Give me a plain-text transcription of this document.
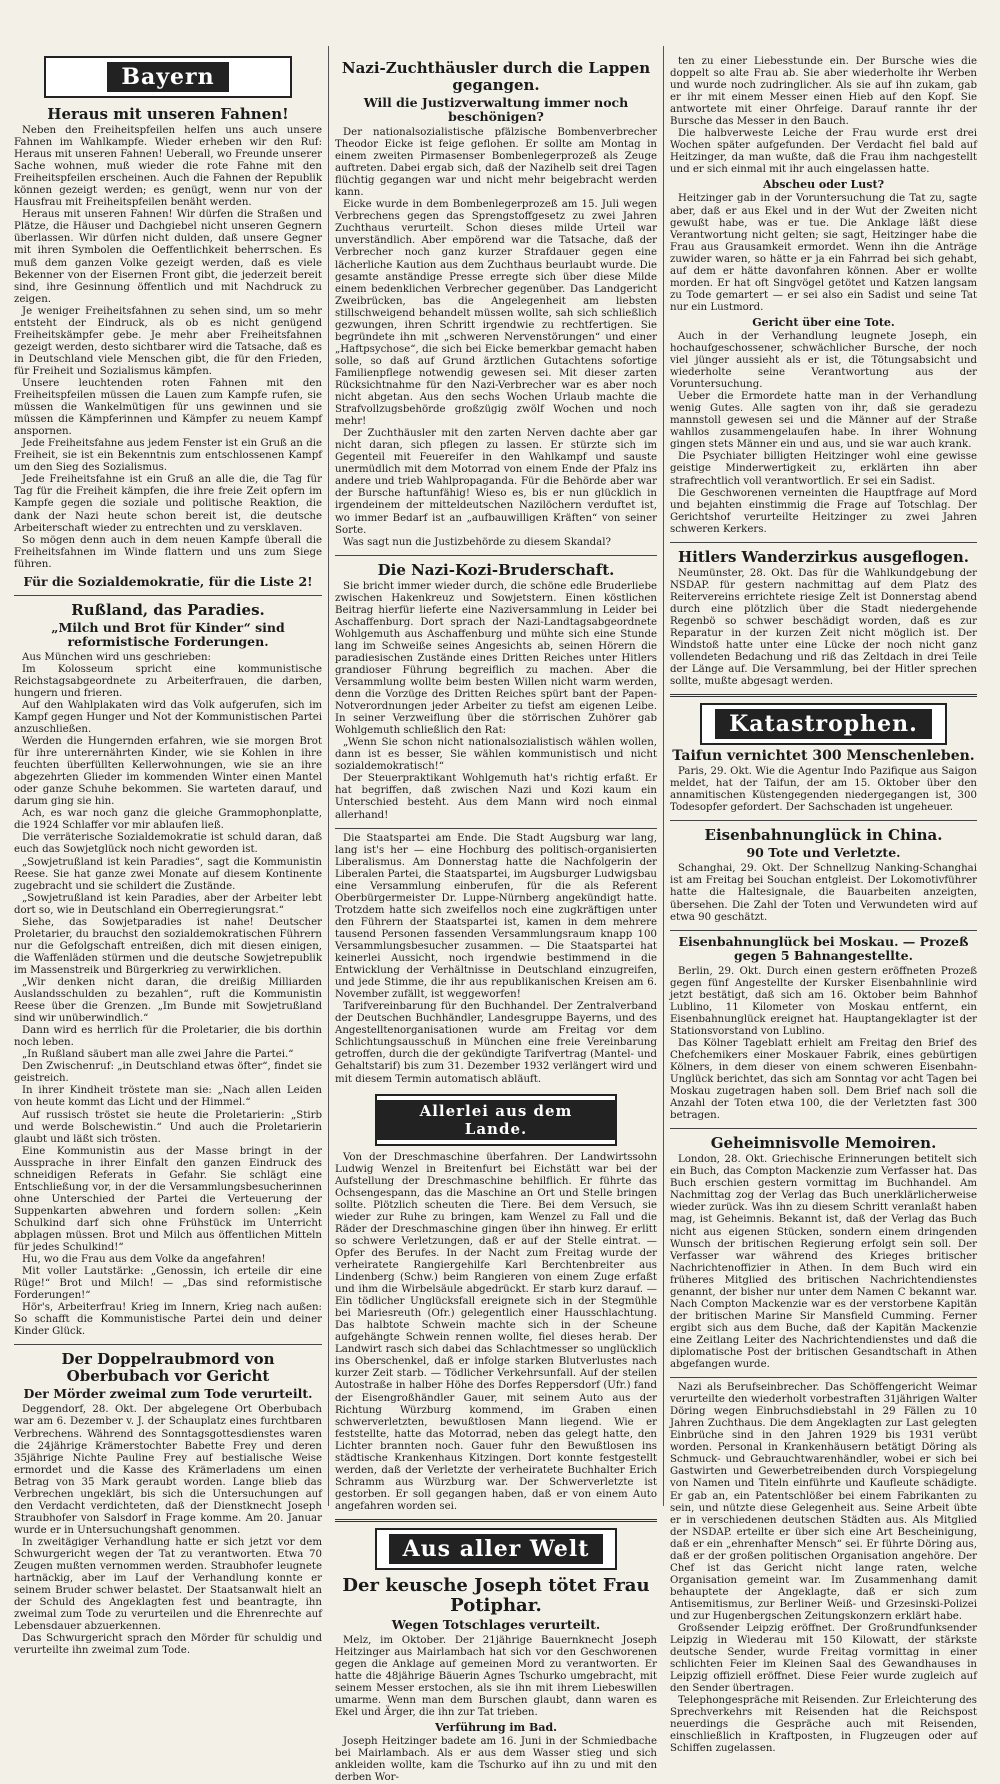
Bayern
Heraus mit unseren Fahnen!

Neben den Freiheitspfeilen helfen uns auch unsere Fahnen im Wahlkampfe. Wieder erheben wir den Ruf: Heraus mit unseren Fahnen! Ueberall, wo Freunde unserer Sache wohnen, muß wieder die rote Fahne mit den Freiheitspfeilen erscheinen. Auch die Fahnen der Republik können gezeigt werden; es genügt, wenn nur von der Hausfrau mit Freiheitspfeilen benäht werden.

Heraus mit unseren Fahnen! Wir dürfen die Straßen und Plätze, die Häuser und Dachgiebel nicht unseren Gegnern überlassen. Wir dürfen nicht dulden, daß unsere Gegner mit ihren Symbolen die Oeffentlichkeit beherrschen. Es muß dem ganzen Volke gezeigt werden, daß es viele Bekenner von der Eisernen Front gibt, die jederzeit bereit sind, ihre Gesinnung öffentlich und mit Nachdruck zu zeigen.

Je weniger Freiheitsfahnen zu sehen sind, um so mehr entsteht der Eindruck, als ob es nicht genügend Freiheitskämpfer gebe. Je mehr aber Freiheitsfahnen gezeigt werden, desto sichtbarer wird die Tatsache, daß es in Deutschland viele Menschen gibt, die für den Frieden, für Freiheit und Sozialismus kämpfen.

Unsere leuchtenden roten Fahnen mit den Freiheitspfeilen müssen die Lauen zum Kampfe rufen, sie müssen die Wankelmütigen für uns gewinnen und sie müssen die Kämpferinnen und Kämpfer zu neuem Kampf anspornen.

Jede Freiheitsfahne aus jedem Fenster ist ein Gruß an die Freiheit, sie ist ein Bekenntnis zum entschlossenen Kampf um den Sieg des Sozialismus.

Jede Freiheitsfahne ist ein Gruß an alle die, die Tag für Tag für die Freiheit kämpfen, die ihre freie Zeit opfern im Kampfe gegen die soziale und politische Reaktion, die dank der Nazi heute schon bereit ist, die deutsche Arbeiterschaft wieder zu entrechten und zu versklaven.

So mögen denn auch in dem neuen Kampfe überall die Freiheitsfahnen im Winde flattern und uns zum Siege führen.

Für die Sozialdemokratie, für die Liste 2!
Rußland, das Paradies.
„Milch und Brot für Kinder“ sind reformistische Forderungen.

Aus München wird uns geschrieben:

Im Kolosseum spricht eine kommunistische Reichstagsabgeordnete zu Arbeiterfrauen, die darben, hungern und frieren.

Auf den Wahlplakaten wird das Volk aufgerufen, sich im Kampf gegen Hunger und Not der Kommunistischen Partei anzuschließen.

Werden die Hungernden erfahren, wie sie morgen Brot für ihre unterernährten Kinder, wie sie Kohlen in ihre feuchten überfüllten Kellerwohnungen, wie sie an ihre abgezehrten Glieder im kommenden Winter einen Mantel oder ganze Schuhe bekommen. Sie warteten darauf, und darum ging sie hin.

Ach, es war noch ganz die gleiche Grammophonplatte, die 1924 Schlaffer vor mir ablaufen ließ.

Die verräterische Sozialdemokratie ist schuld daran, daß euch das Sowjetglück noch nicht geworden ist.

„Sowjetrußland ist kein Paradies“, sagt die Kommunistin Reese. Sie hat ganze zwei Monate auf diesem Kontinente zugebracht und sie schildert die Zustände.

„Sowjetrußland ist kein Paradies, aber der Arbeiter lebt dort so, wie in Deutschland ein Oberregierungsrat.“

Siehe, das Sowjetparadies ist nahe! Deutscher Proletarier, du brauchst den sozialdemokratischen Führern nur die Gefolgschaft entreißen, dich mit diesen einigen, die Waffenläden stürmen und die deutsche Sowjetrepublik im Massenstreik und Bürgerkrieg zu verwirklichen.

„Wir denken nicht daran, die dreißig Milliarden Auslandsschulden zu bezahlen“, ruft die Kommunistin Reese über die Grenzen. „Im Bunde mit Sowjetrußland sind wir unüberwindlich.“

Dann wird es herrlich für die Proletarier, die bis dorthin noch leben.

„In Rußland säubert man alle zwei Jahre die Partei.“

Den Zwischenruf: „in Deutschland etwas öfter“, findet sie geistreich.

In ihrer Kindheit tröstete man sie: „Nach allen Leiden von heute kommt das Licht und der Himmel.“

Auf russisch tröstet sie heute die Proletarierin: „Stirb und werde Bolschewistin.“ Und auch die Proletarierin glaubt und läßt sich trösten.

Eine Kommunistin aus der Masse bringt in der Aussprache in ihrer Einfalt den ganzen Eindruck des schneidigen Referats in Gefahr. Sie schlägt eine Entschließung vor, in der die Versammlungsbesucherinnen ohne Unterschied der Partei die Verteuerung der Suppenkarten abwehren und fordern sollen: „Kein Schulkind darf sich ohne Frühstück im Unterricht abplagen müssen. Brot und Milch aus öffentlichen Mitteln für jedes Schulkind!“

Hu, wo die Frau aus dem Volke da angefahren!

Mit voller Lautstärke: „Genossin, ich erteile dir eine Rüge!“ Brot und Milch! — „Das sind reformistische Forderungen!“

Hör's, Arbeiterfrau! Krieg im Innern, Krieg nach außen: So schafft die Kommunistische Partei dein und deiner Kinder Glück.

Der Doppelraubmord von Oberbubach vor Gericht
Der Mörder zweimal zum Tode verurteilt.

Deggendorf, 28. Okt. Der abgelegene Ort Oberbubach war am 6. Dezember v. J. der Schauplatz eines furchtbaren Verbrechens. Während des Sonntagsgottesdienstes waren die 24jährige Krämerstochter Babette Frey und deren 35jährige Nichte Pauline Frey auf bestialische Weise ermordet und die Kasse des Krämerladens um einen Betrag von 35 Mark geraubt worden. Lange blieb das Verbrechen ungeklärt, bis sich die Untersuchungen auf den Verdacht verdichteten, daß der Dienstknecht Joseph Straubhofer von Salsdorf in Frage komme. Am 20. Januar wurde er in Untersuchungshaft genommen.

In zweitägiger Verhandlung hatte er sich jetzt vor dem Schwurgericht wegen der Tat zu verantworten. Etwa 70 Zeugen mußten vernommen werden. Straubhofer leugnete hartnäckig, aber im Lauf der Verhandlung konnte er seinem Bruder schwer belastet. Der Staatsanwalt hielt an der Schuld des Angeklagten fest und beantragte, ihn zweimal zum Tode zu verurteilen und die Ehrenrechte auf Lebensdauer abzuerkennen.

Das Schwurgericht sprach den Mörder für schuldig und verurteilte ihn zweimal zum Tode.

Nazi-Zuchthäusler durch die Lappen gegangen.
Will die Justizverwaltung immer noch beschönigen?

Der nationalsozialistische pfälzische Bombenverbrecher Theodor Eicke ist feige geflohen. Er sollte am Montag in einem zweiten Pirmasenser Bombenlegerprozeß als Zeuge auftreten. Dabei ergab sich, daß der Nazihelb seit drei Tagen flüchtig gegangen war und nicht mehr beigebracht werden kann.

Eicke wurde in dem Bombenlegerprozeß am 15. Juli wegen Verbrechens gegen das Sprengstoffgesetz zu zwei Jahren Zuchthaus verurteilt. Schon dieses milde Urteil war unverständlich. Aber empörend war die Tatsache, daß der Verbrecher noch ganz kurzer Strafdauer gegen eine lächerliche Kaution aus dem Zuchthaus beurlaubt wurde. Die gesamte anständige Presse erregte sich über diese Milde einem bedenklichen Verbrecher gegenüber. Das Landgericht Zweibrücken, bas die Angelegenheit am liebsten stillschweigend behandelt müssen wollte, sah sich schließlich gezwungen, ihren Schritt irgendwie zu rechtfertigen. Sie begründete ihn mit „schweren Nervenstörungen“ und einer „Haftpsychose“, die sich bei Eicke bemerkbar gemacht haben solle, so daß auf Grund ärztlichen Gutachtens sofortige Familienpflege notwendig gewesen sei. Mit dieser zarten Rücksichtnahme für den Nazi-Verbrecher war es aber noch nicht abgetan. Aus den sechs Wochen Urlaub machte die Strafvollzugsbehörde großzügig zwölf Wochen und noch mehr!

Der Zuchthäusler mit den zarten Nerven dachte aber gar nicht daran, sich pflegen zu lassen. Er stürzte sich im Gegenteil mit Feuereifer in den Wahlkampf und sauste unermüdlich mit dem Motorrad von einem Ende der Pfalz ins andere und trieb Wahlpropaganda. Für die Behörde aber war der Bursche haftunfähig! Wieso es, bis er nun glücklich in irgendeinem der mitteldeutschen Nazilöchern verduftet ist, wo immer Bedarf ist an „aufbauwilligen Kräften“ von seiner Sorte.

Was sagt nun die Justizbehörde zu diesem Skandal?

Die Nazi-Kozi-Bruderschaft.

Sie bricht immer wieder durch, die schöne edle Bruderliebe zwischen Hakenkreuz und Sowjetstern. Einen köstlichen Beitrag hierfür lieferte eine Naziversammlung in Leider bei Aschaffenburg. Dort sprach der Nazi-Landtagsabgeordnete Wohlgemuth aus Aschaffenburg und mühte sich eine Stunde lang im Schweiße seines Angesichts ab, seinen Hörern die paradiesischen Zustände eines Dritten Reiches unter Hitlers grandioser Führung begreiflich zu machen. Aber die Versammlung wollte beim besten Willen nicht warm werden, denn die Vorzüge des Dritten Reiches spürt bant der Papen-Notverordnungen jeder Arbeiter zu tiefst am eigenen Leibe. In seiner Verzweiflung über die störrischen Zuhörer gab Wohlgemuth schließlich den Rat:

„Wenn Sie schon nicht nationalsozialistisch wählen wollen, dann ist es besser, Sie wählen kommunistisch und nicht sozialdemokratisch!“

Der Steuerpraktikant Wohlgemuth hat's richtig erfaßt. Er hat begriffen, daß zwischen Nazi und Kozi kaum ein Unterschied besteht. Aus dem Mann wird noch einmal allerhand!

Die Staatspartei am Ende. Die Stadt Augsburg war lang, lang ist's her — eine Hochburg des politisch-organisierten Liberalismus. Am Donnerstag hatte die Nachfolgerin der Liberalen Partei, die Staatspartei, im Augsburger Ludwigsbau eine Versammlung einberufen, für die als Referent Oberbürgermeister Dr. Luppe-Nürnberg angekündigt hatte. Trotzdem hatte sich zweifellos noch eine zugkräftigen unter den Führern der Staatspartei ist, kamen in dem mehrere tausend Personen fassenden Versammlungsraum knapp 100 Versammlungsbesucher zusammen. — Die Staatspartei hat keinerlei Aussicht, noch irgendwie bestimmend in die Entwicklung der Verhältnisse in Deutschland einzugreifen, und jede Stimme, die ihr aus republikanischen Kreisen am 6. November zufällt, ist weggeworfen!

Tarifvereinbarung für den Buchhandel. Der Zentralverband der Deutschen Buchhändler, Landesgruppe Bayerns, und des Angestelltenorganisationen wurde am Freitag vor dem Schlichtungsausschuß in München eine freie Vereinbarung getroffen, durch die der gekündigte Tarifvertrag (Mantel- und Gehaltstarif) bis zum 31. Dezember 1932 verlängert wird und mit diesem Termin automatisch abläuft.

Allerlei aus dem Lande.

Von der Dreschmaschine überfahren. Der Landwirtssohn Ludwig Wenzel in Breitenfurt bei Eichstätt war bei der Aufstellung der Dreschmaschine behilflich. Er führte das Ochsengespann, das die Maschine an Ort und Stelle bringen sollte. Plötzlich scheuten die Tiere. Bei dem Versuch, sie wieder zur Ruhe zu bringen, kam Wenzel zu Fall und die Räder der Dreschmaschine gingen über ihn hinweg. Er erlitt so schwere Verletzungen, daß er auf der Stelle eintrat. — Opfer des Berufes. In der Nacht zum Freitag wurde der verheiratete Rangiergehilfe Karl Berchtenbreiter aus Lindenberg (Schw.) beim Rangieren von einem Zuge erfaßt und ihm die Wirbelsäule abgedrückt. Er starb kurz darauf. — Ein tödlicher Unglücksfall ereignete sich in der Stegmühle bei Mariesreuth (Ofr.) gelegentlich einer Hausschlachtung. Das halbtote Schwein machte sich in der Scheune aufgehängte Schwein rennen wollte, fiel dieses herab. Der Landwirt rasch sich dabei das Schlachtmesser so unglücklich ins Oberschenkel, daß er infolge starken Blutverlustes nach kurzer Zeit starb. — Tödlicher Verkehrsunfall. Auf der steilen Autostraße in halber Höhe des Dorfes Reppersdorf (Ufr.) fand der Eisengroßhändler Gauer, mit seinem Auto aus der Richtung Würzburg kommend, im Graben einen schwerverletzten, bewußtlosen Mann liegend. Wie er feststellte, hatte das Motorrad, neben das gelegt hatte, den Lichter brannten noch. Gauer fuhr den Bewußtlosen ins städtische Krankenhaus Kitzingen. Dort konnte festgestellt werden, daß der Verletzte der verheiratete Buchhalter Erich Schramm aus Würzburg war. Der Schwerverletzte ist gestorben. Er soll gegangen haben, daß er von einem Auto angefahren worden sei.

Aus aller Welt
Der keusche Joseph tötet Frau Potiphar.
Wegen Totschlages verurteilt.

Melz, im Oktober. Der 21jährige Bauernknecht Joseph Heitzinger aus Mairlambach hat sich vor den Geschworenen gegen die Anklage auf gemeinen Mord zu verantworten. Er hatte die 48jährige Bäuerin Agnes Tschurko umgebracht, mit seinem Messer erstochen, als sie ihn mit ihrem Liebeswillen umarme. Wenn man dem Burschen glaubt, dann waren es Ekel und Ärger, die ihn zur Tat trieben.

Verführung im Bad.

Joseph Heitzinger badete am 16. Juni in der Schmiedbache bei Mairlambach. Als er aus dem Wasser stieg und sich ankleiden wollte, kam die Tschurko auf ihn zu und mit den derben Wor-

ten zu einer Liebesstunde ein. Der Bursche wies die doppelt so alte Frau ab. Sie aber wiederholte ihr Werben und wurde noch zudringlicher. Als sie auf ihn zukam, gab er ihr mit einem Messer einen Hieb auf den Kopf. Sie antwortete mit einer Ohrfeige. Darauf rannte ihr der Bursche das Messer in den Bauch.

Die halbverweste Leiche der Frau wurde erst drei Wochen später aufgefunden. Der Verdacht fiel bald auf Heitzinger, da man wußte, daß die Frau ihm nachgestellt und er sich einmal mit ihr auch eingelassen hatte.

Abscheu oder Lust?

Heitzinger gab in der Voruntersuchung die Tat zu, sagte aber, daß er aus Ekel und in der Wut der Zweiten nicht gewußt habe, was er tue. Die Anklage läßt diese Verantwortung nicht gelten; sie sagt, Heitzinger habe die Frau aus Grausamkeit ermordet. Wenn ihn die Anträge zuwider waren, so hätte er ja ein Fahrrad bei sich gehabt, auf dem er hätte davonfahren können. Aber er wollte morden. Er hat oft Singvögel getötet und Katzen langsam zu Tode gemartert — er sei also ein Sadist und seine Tat nur ein Lustmord.

Gericht über eine Tote.

Auch in der Verhandlung leugnete Joseph, ein hochaufgeschossener, schwächlicher Bursche, der noch viel jünger aussieht als er ist, die Tötungsabsicht und wiederholte seine Verantwortung aus der Voruntersuchung.

Ueber die Ermordete hatte man in der Verhandlung wenig Gutes. Alle sagten von ihr, daß sie geradezu mannstoll gewesen sei und die Männer auf der Straße wahllos zusammengelaufen habe. In ihrer Wohnung gingen stets Männer ein und aus, und sie war auch krank.

Die Psychiater billigten Heitzinger wohl eine gewisse geistige Minderwertigkeit zu, erklärten ihn aber strafrechtlich voll verantwortlich. Er sei ein Sadist.

Die Geschworenen verneinten die Hauptfrage auf Mord und bejahten einstimmig die Frage auf Totschlag. Der Gerichtshof verurteilte Heitzinger zu zwei Jahren schweren Kerkers.

Hitlers Wanderzirkus ausgeflogen.

Neumünster, 28. Okt. Das für die Wahlkundgebung der NSDAP. für gestern nachmittag auf dem Platz des Reitervereins errichtete riesige Zelt ist Donnerstag abend durch eine plötzlich über die Stadt niedergehende Regenbö so schwer beschädigt worden, daß es zur Reparatur in der kurzen Zeit nicht möglich ist. Der Windstoß hatte unter eine Lücke der noch nicht ganz vollendeten Bedachung und riß das Zeltdach in drei Teile der Länge auf. Die Versammlung, bei der Hitler sprechen sollte, mußte abgesagt werden.

Katastrophen.
Taifun vernichtet 300 Menschenleben.

Paris, 29. Okt. Wie die Agentur Indo Pazifique aus Saigon meldet, hat der Taifun, der am 15. Oktober über den annamitischen Küstengegenden niedergegangen ist, 300 Todesopfer gefordert. Der Sachschaden ist ungeheuer.

Eisenbahnunglück in China.
90 Tote und Verletzte.

Schanghai, 29. Okt. Der Schnellzug Nanking-Schanghai ist am Freitag bei Souchan entgleist. Der Lokomotivführer hatte die Haltesignale, die Bauarbeiten anzeigten, übersehen. Die Zahl der Toten und Verwundeten wird auf etwa 90 geschätzt.

Eisenbahnunglück bei Moskau. — Prozeß gegen 5 Bahnangestellte.

Berlin, 29. Okt. Durch einen gestern eröffneten Prozeß gegen fünf Angestellte der Kursker Eisenbahnlinie wird jetzt bestätigt, daß sich am 16. Oktober beim Bahnhof Lublino, 11 Kilometer von Moskau entfernt, ein Eisenbahnunglück ereignet hat. Hauptangeklagter ist der Stationsvorstand von Lublino.

Das Kölner Tageblatt erhielt am Freitag den Brief des Chefchemikers einer Moskauer Fabrik, eines gebürtigen Kölners, in dem dieser von einem schweren Eisenbahn-Unglück berichtet, das sich am Sonntag vor acht Tagen bei Moskau zugetragen haben soll. Dem Brief nach soll die Anzahl der Toten etwa 100, die der Verletzten fast 300 betragen.

Geheimnisvolle Memoiren.

London, 28. Okt. Griechische Erinnerungen betitelt sich ein Buch, das Compton Mackenzie zum Verfasser hat. Das Buch erschien gestern vormittag im Buchhandel. Am Nachmittag zog der Verlag das Buch unerklärlicherweise wieder zurück. Was ihn zu diesem Schritt veranlaßt haben mag, ist Geheimnis. Bekannt ist, daß der Verlag das Buch nicht aus eigenen Stücken, sondern einem dringenden Wunsch der britischen Regierung erfolgt sein soll. Der Verfasser war während des Krieges britischer Nachrichtenoffizier in Athen. In dem Buch wird ein früheres Mitglied des britischen Nachrichtendienstes genannt, der bisher nur unter dem Namen C bekannt war. Nach Compton Mackenzie war es der verstorbene Kapitän der britischen Marine Sir Mansfield Cumming. Ferner ergibt sich aus dem Buche, daß der Kapitän Mackenzie eine Zeitlang Leiter des Nachrichtendienstes und daß die diplomatische Post der britischen Gesandtschaft in Athen abgefangen wurde.

Nazi als Berufseinbrecher. Das Schöffengericht Weimar verurteilte den wiederholt vorbestraften 31jährigen Walter Döring wegen Einbruchsdiebstahl in 29 Fällen zu 10 Jahren Zuchthaus. Die dem Angeklagten zur Last gelegten Einbrüche sind in den Jahren 1929 bis 1931 verübt worden. Personal in Krankenhäusern betätigt Döring als Schmuck- und Gebrauchtwarenhändler, wobei er sich bei Gastwirten und Gewerbetreibenden durch Vorspiegelung von Namen und Titeln einführte und Kaufleute schädigte. Er gab an, ein Patentschlößer bei einem Fabrikanten zu sein, und nützte diese Gelegenheit aus. Seine Arbeit übte er in verschiedenen deutschen Städten aus. Als Mitglied der NSDAP. erteilte er über sich eine Art Bescheinigung, daß er ein „ehrenhafter Mensch“ sei. Er führte Döring aus, daß er der großen politischen Organisation angehöre. Der Chef ist das Gericht nicht lange raten, welche Organisation gemeint war. Im Zusammenhang damit behauptete der Angeklagte, daß er sich zum Antisemitismus, zur Berliner Weiß- und Grzesinski-Polizei und zur Hugenbergschen Zeitungskonzern erklärt habe.

Großsender Leipzig eröffnet. Der Großrundfunksender Leipzig in Wiederau mit 150 Kilowatt, der stärkste deutsche Sender, wurde Freitag vormittag in einer schlichten Feier im Kleinen Saal des Gewandhauses in Leipzig offiziell eröffnet. Diese Feier wurde zugleich auf den Sender übertragen.

Telephongespräche mit Reisenden. Zur Erleichterung des Sprechverkehrs mit Reisenden hat die Reichspost neuerdings die Gespräche auch mit Reisenden, einschließlich in Kraftposten, in Flugzeugen oder auf Schiffen zugelassen.
